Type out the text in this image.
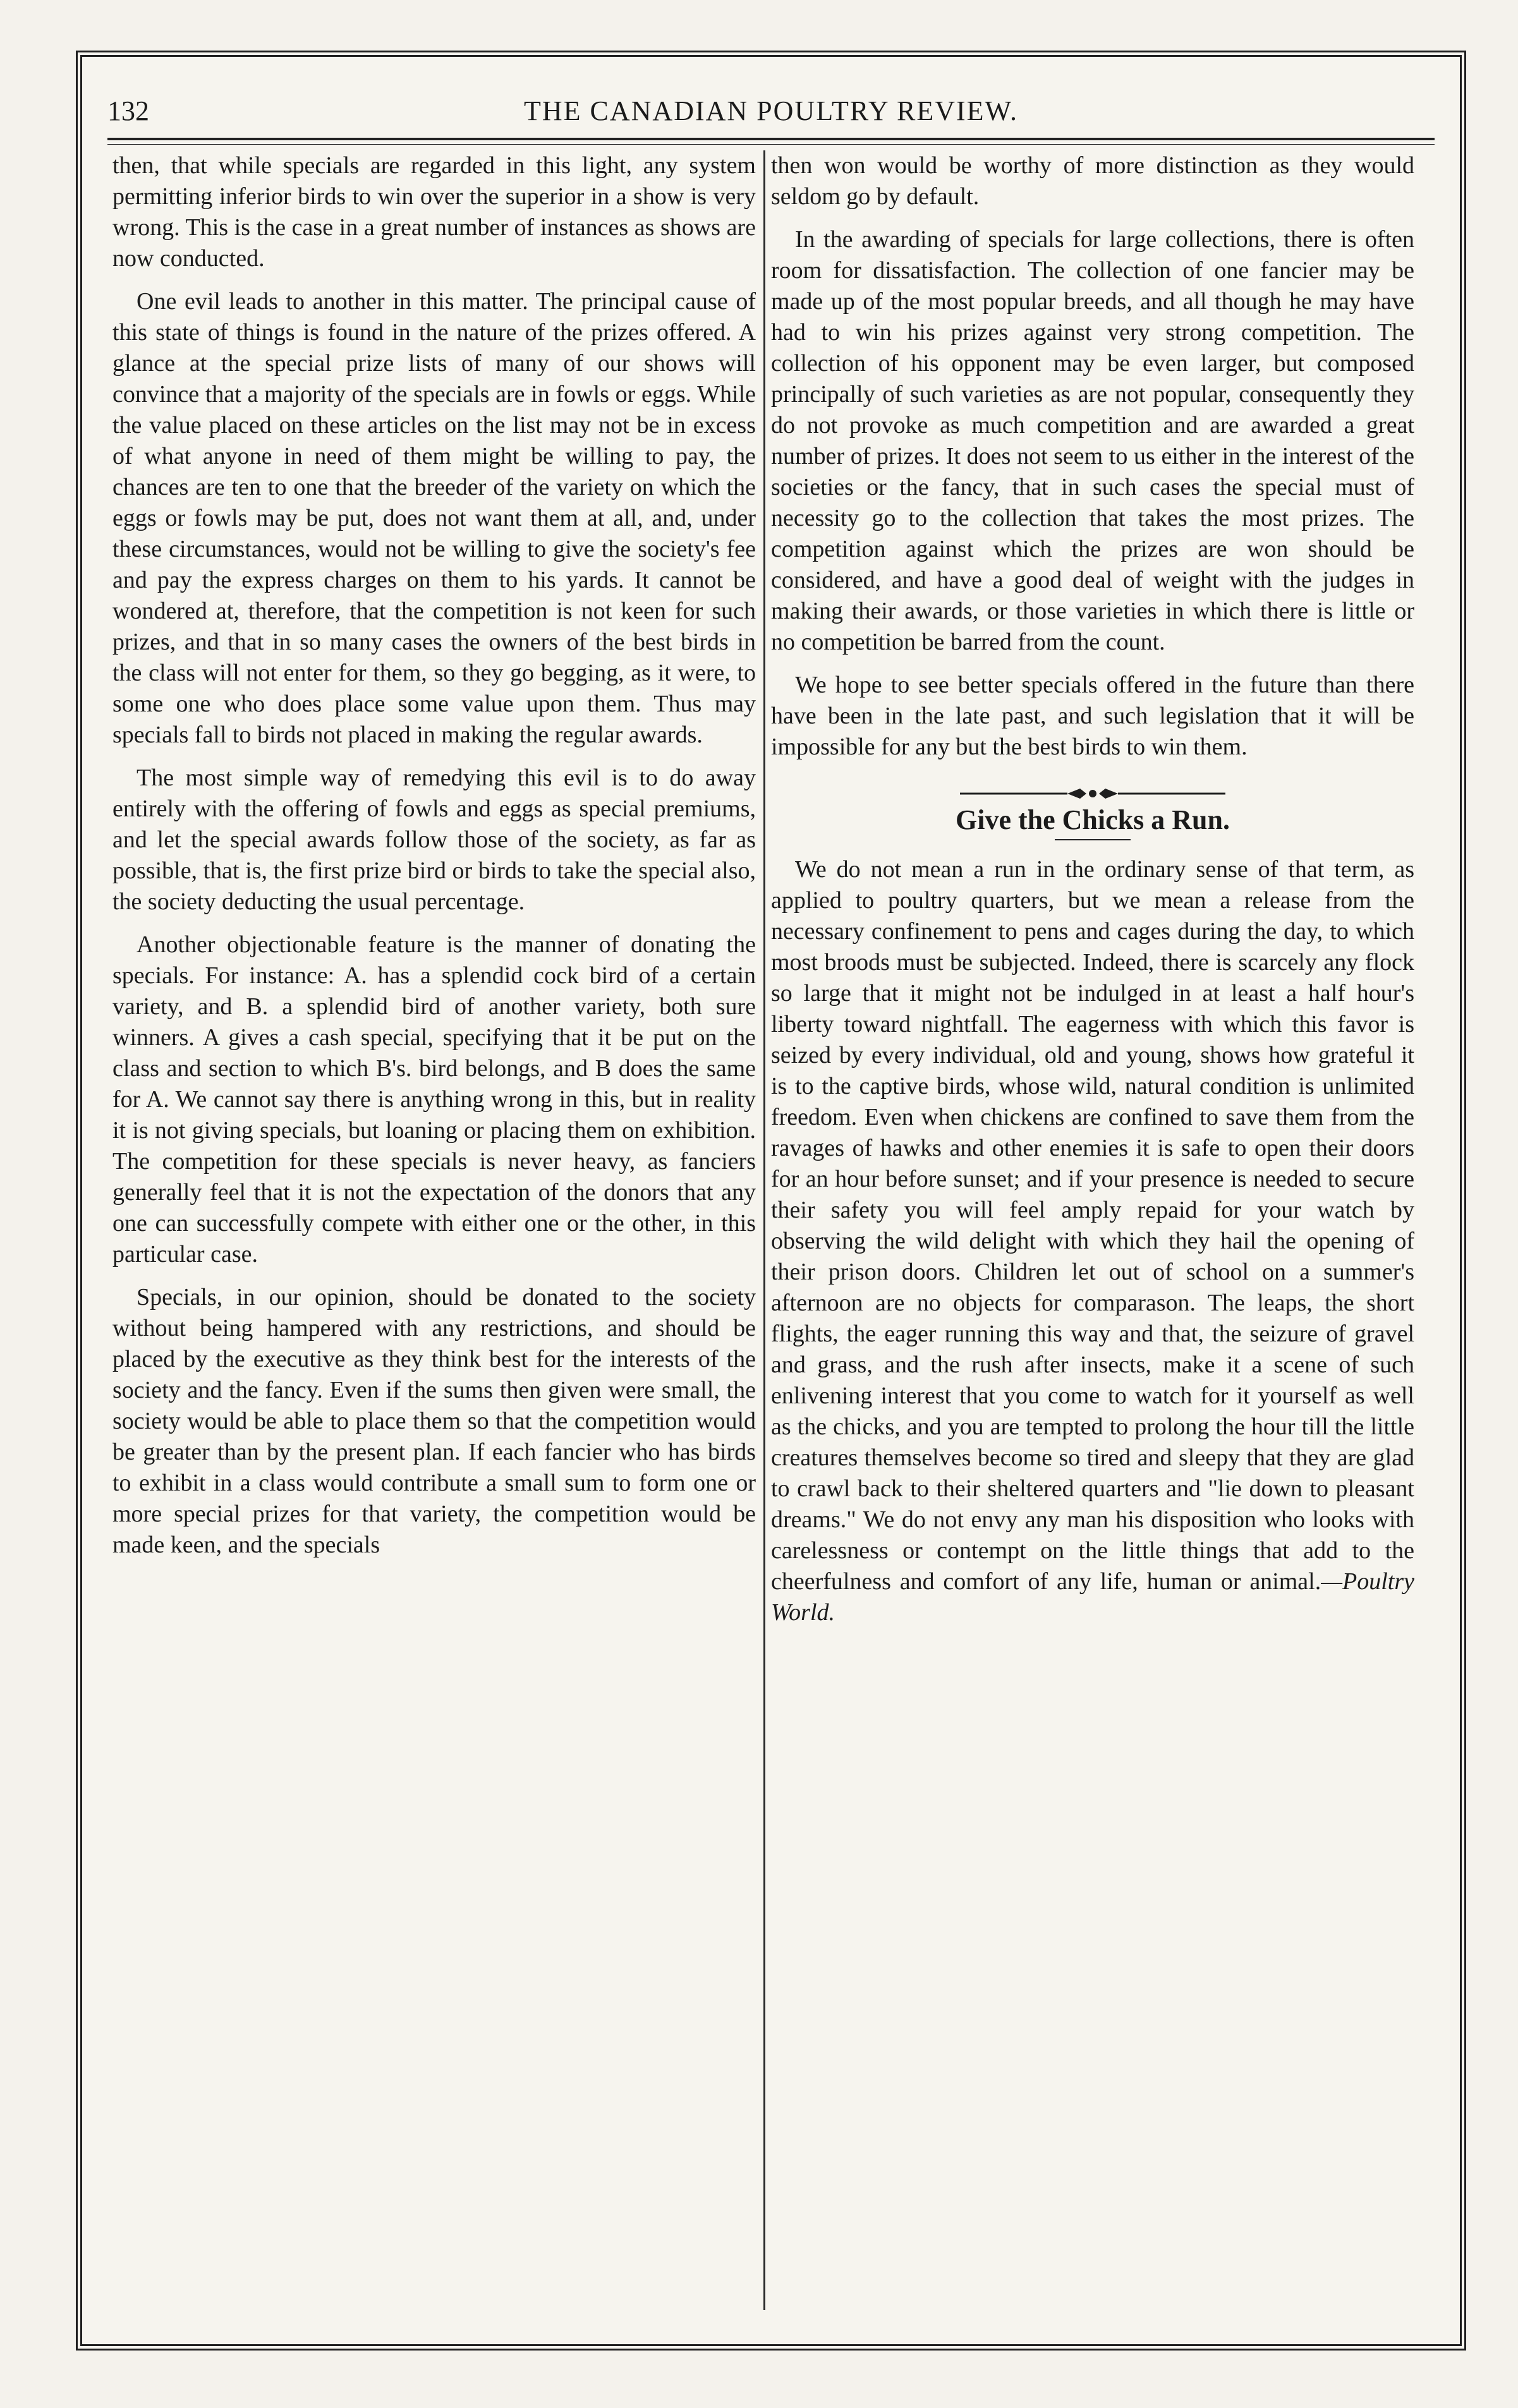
132	THE CANADIAN POULTRY REVIEW.

then, that while specials are regarded in this light, any system permitting inferior birds to win over the superior in a show is very wrong. This is the case in a great number of instances as shows are now conducted.

One evil leads to another in this matter. The principal cause of this state of things is found in the nature of the prizes offered. A glance at the special prize lists of many of our shows will convince that a majority of the specials are in fowls or eggs. While the value placed on these articles on the list may not be in excess of what anyone in need of them might be willing to pay, the chances are ten to one that the breeder of the variety on which the eggs or fowls may be put, does not want them at all, and, under these circumstances, would not be willing to give the society's fee and pay the express charges on them to his yards. It cannot be wondered at, therefore, that the competition is not keen for such prizes, and that in so many cases the owners of the best birds in the class will not enter for them, so they go begging, as it were, to some one who does place some value upon them. Thus may specials fall to birds not placed in making the regular awards.

The most simple way of remedying this evil is to do away entirely with the offering of fowls and eggs as special premiums, and let the special awards follow those of the society, as far as possible, that is, the first prize bird or birds to take the special also, the society deducting the usual percentage.

Another objectionable feature is the manner of donating the specials. For instance: A. has a splendid cock bird of a certain variety, and B. a splendid bird of another variety, both sure winners. A gives a cash special, specifying that it be put on the class and section to which B's. bird belongs, and B does the same for A. We cannot say there is anything wrong in this, but in reality it is not giving specials, but loaning or placing them on exhibition. The competition for these specials is never heavy, as fanciers generally feel that it is not the expectation of the donors that any one can successfully compete with either one or the other, in this particular case.

Specials, in our opinion, should be donated to the society without being hampered with any restrictions, and should be placed by the executive as they think best for the interests of the society and the fancy. Even if the sums then given were small, the society would be able to place them so that the competition would be greater than by the present plan. If each fancier who has birds to exhibit in a class would contribute a small sum to form one or more special prizes for that variety, the competition would be made keen, and the specials

then won would be worthy of more distinction as they would seldom go by default.

In the awarding of specials for large collections, there is often room for dissatisfaction. The collection of one fancier may be made up of the most popular breeds, and all though he may have had to win his prizes against very strong competition. The collection of his opponent may be even larger, but composed principally of such varieties as are not popular, consequently they do not provoke as much competition and are awarded a great number of prizes. It does not seem to us either in the interest of the societies or the fancy, that in such cases the special must of necessity go to the collection that takes the most prizes. The competition against which the prizes are won should be considered, and have a good deal of weight with the judges in making their awards, or those varieties in which there is little or no competition be barred from the count.

We hope to see better specials offered in the future than there have been in the late past, and such legislation that it will be impossible for any but the best birds to win them.

Give the Chicks a Run.

We do not mean a run in the ordinary sense of that term, as applied to poultry quarters, but we mean a release from the necessary confinement to pens and cages during the day, to which most broods must be subjected. Indeed, there is scarcely any flock so large that it might not be indulged in at least a half hour's liberty toward nightfall. The eagerness with which this favor is seized by every individual, old and young, shows how grateful it is to the captive birds, whose wild, natural condition is unlimited freedom. Even when chickens are confined to save them from the ravages of hawks and other enemies it is safe to open their doors for an hour before sunset; and if your presence is needed to secure their safety you will feel amply repaid for your watch by observing the wild delight with which they hail the opening of their prison doors. Children let out of school on a summer's afternoon are no objects for comparason. The leaps, the short flights, the eager running this way and that, the seizure of gravel and grass, and the rush after insects, make it a scene of such enlivening interest that you come to watch for it yourself as well as the chicks, and you are tempted to prolong the hour till the little creatures themselves become so tired and sleepy that they are glad to crawl back to their sheltered quarters and "lie down to pleasant dreams." We do not envy any man his disposition who looks with carelessness or contempt on the little things that add to the cheerfulness and comfort of any life, human or animal.—Poultry World.
